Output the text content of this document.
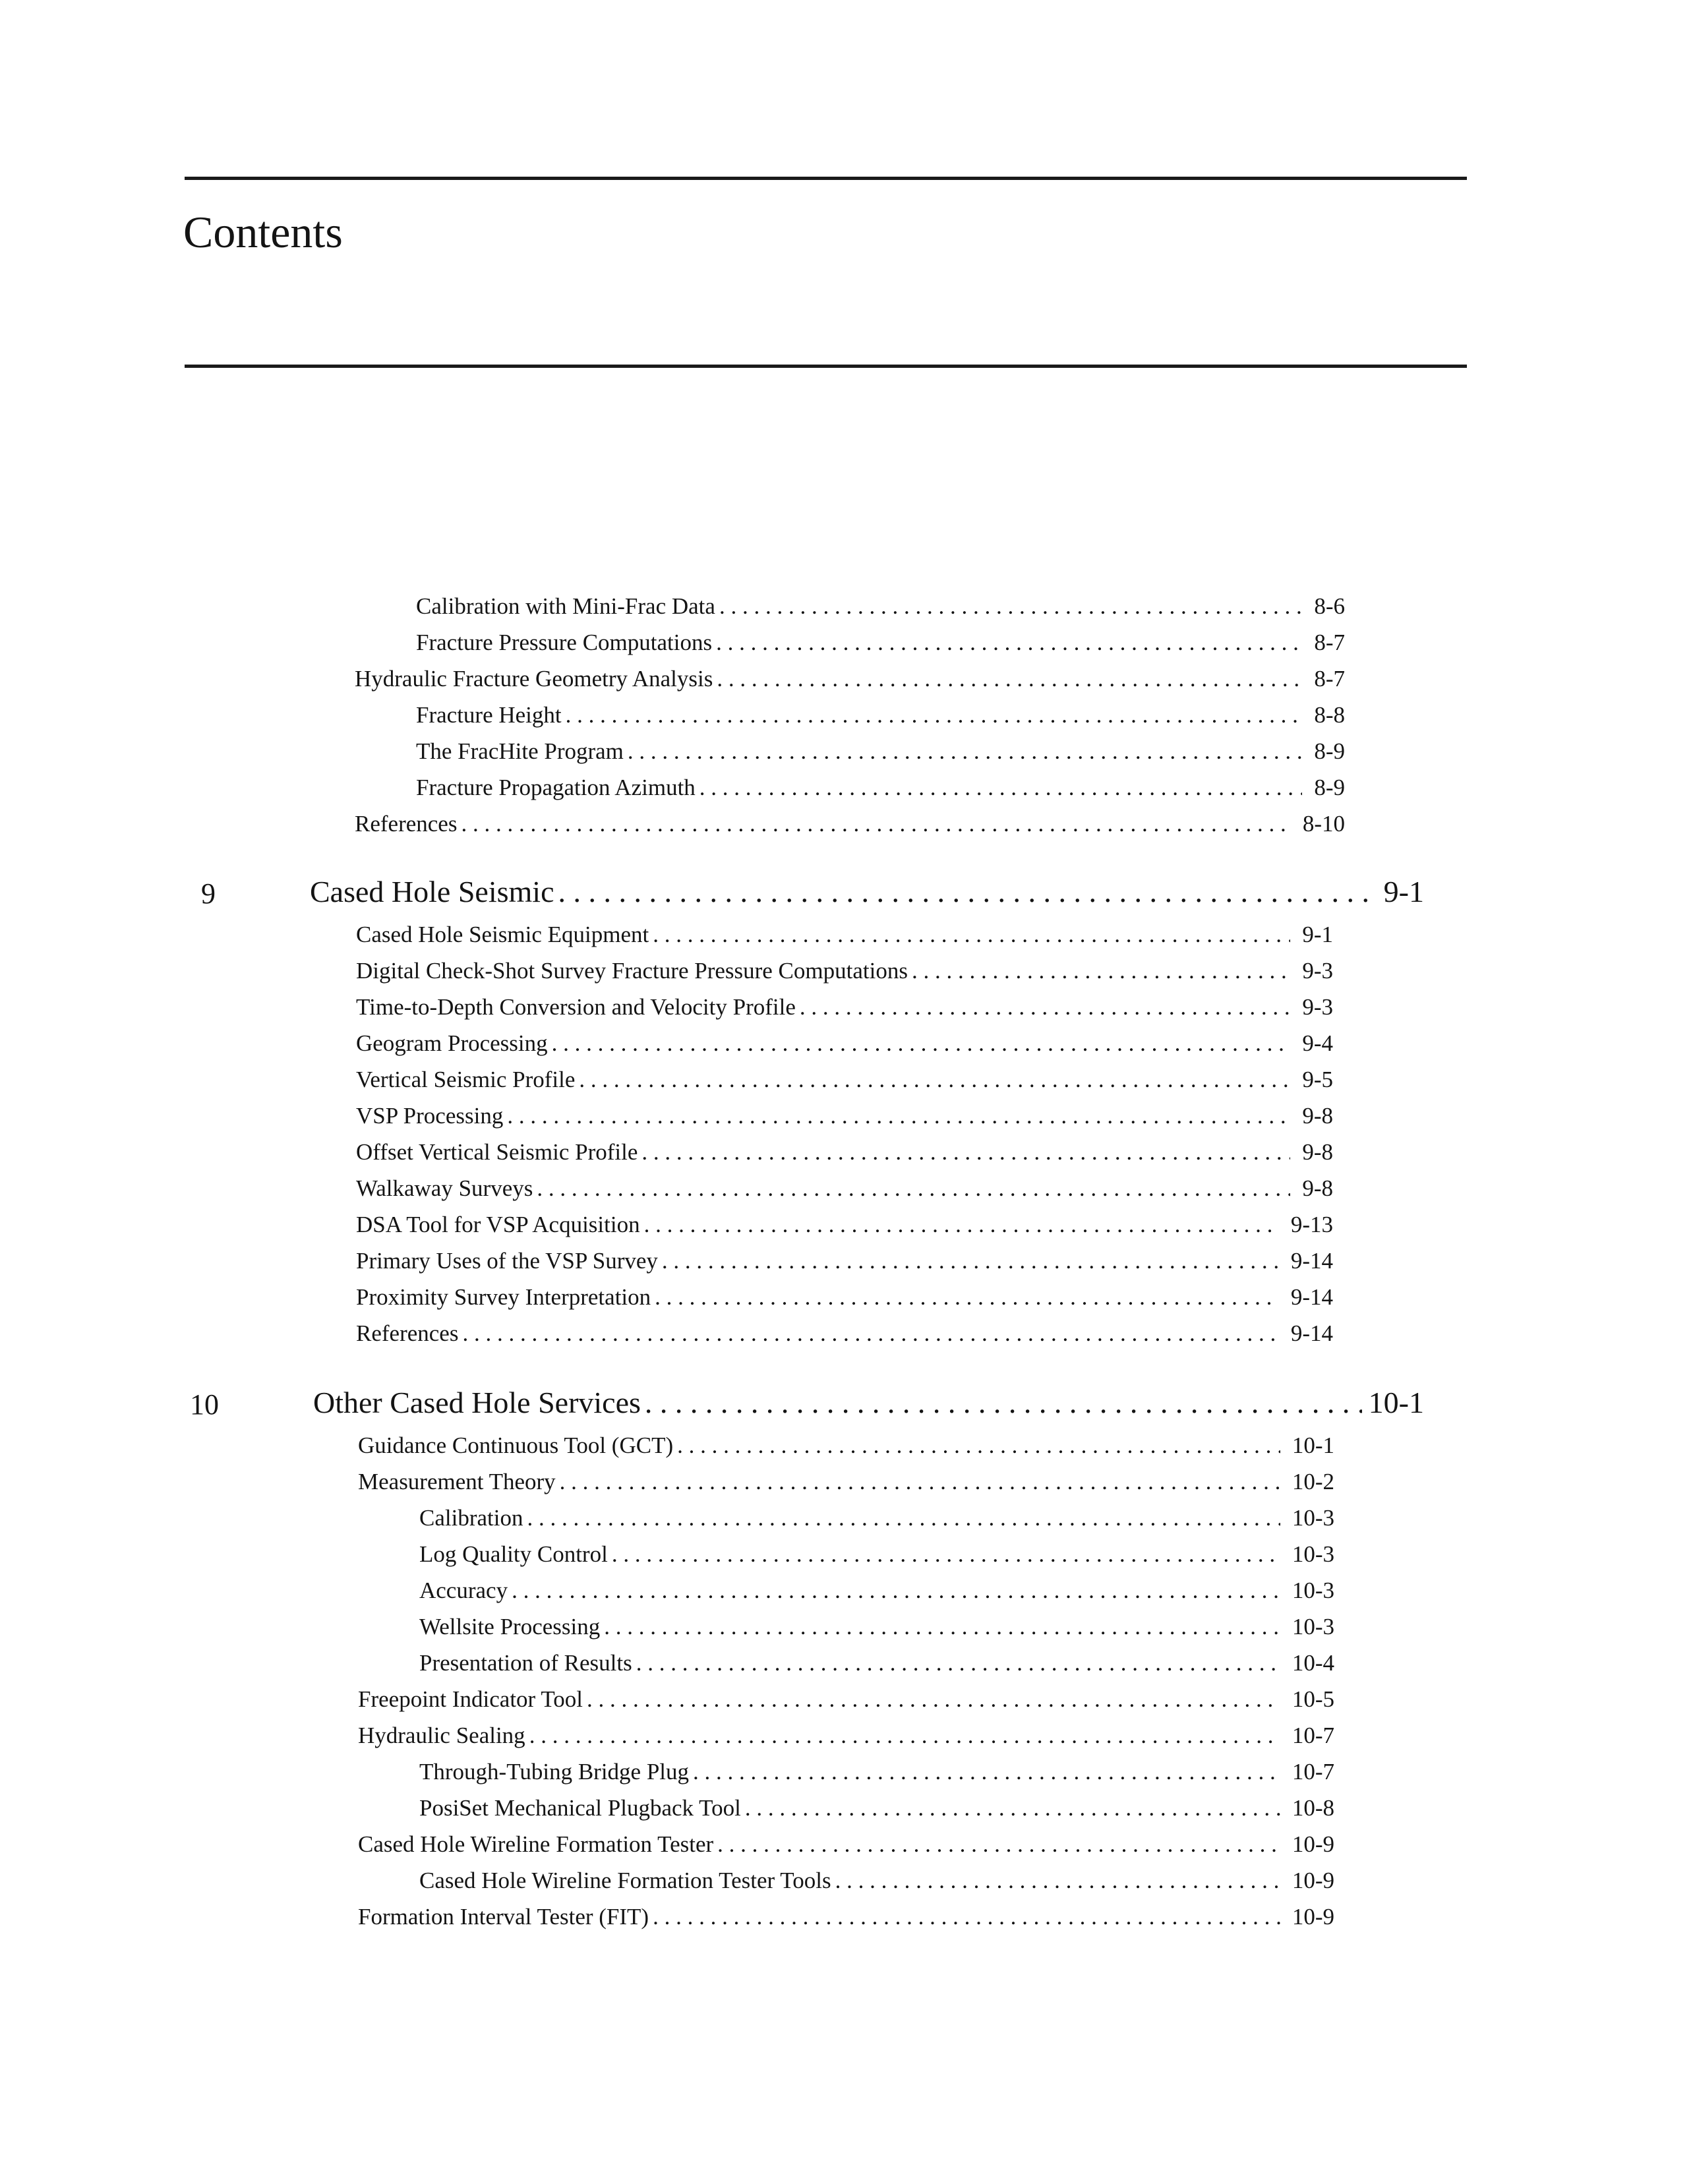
Contents
Calibration with Mini-Frac Data . . .	8-6
Fracture Pressure Computations . . .	8-7
Hydraulic Fracture Geometry Analysis . . .	8-7
Fracture Height . . .	8-8
The FracHite Program . . .	8-9
Fracture Propagation Azimuth . . .	8-9
References . . .	8-10
9	Cased Hole Seismic . . .	9-1
Cased Hole Seismic Equipment . . .	9-1
Digital Check-Shot Survey Fracture Pressure Computations . . .	9-3
Time-to-Depth Conversion and Velocity Profile . . .	9-3
Geogram Processing . . .	9-4
Vertical Seismic Profile . . .	9-5
VSP Processing . . .	9-8
Offset Vertical Seismic Profile . . .	9-8
Walkaway Surveys . . .	9-8
DSA Tool for VSP Acquisition . . .	9-13
Primary Uses of the VSP Survey . . .	9-14
Proximity Survey Interpretation . . .	9-14
References . . .	9-14
10	Other Cased Hole Services . . .	10-1
Guidance Continuous Tool (GCT) . . .	10-1
Measurement Theory . . .	10-2
Calibration . . .	10-3
Log Quality Control . . .	10-3
Accuracy . . .	10-3
Wellsite Processing . . .	10-3
Presentation of Results . . .	10-4
Freepoint Indicator Tool . . .	10-5
Hydraulic Sealing . . .	10-7
Through-Tubing Bridge Plug . . .	10-7
PosiSet Mechanical Plugback Tool . . .	10-8
Cased Hole Wireline Formation Tester . . .	10-9
Cased Hole Wireline Formation Tester Tools . . .	10-9
Formation Interval Tester (FIT) . . .	10-9
